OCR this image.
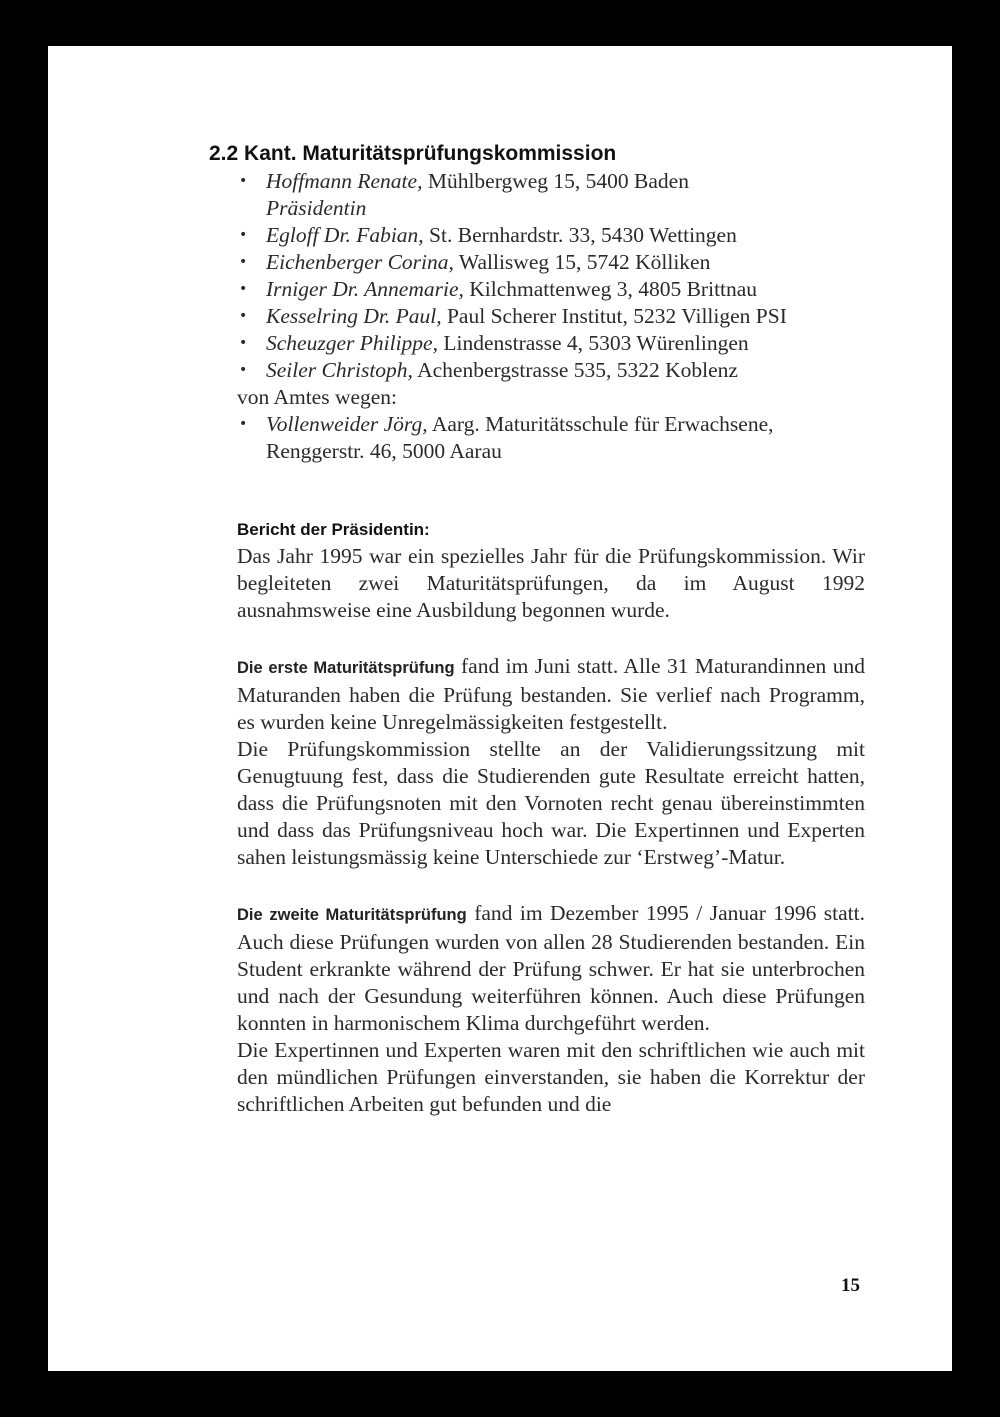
2.2 Kant. Maturitätsprüfungskommission
• Hoffmann Renate, Mühlbergweg 15, 5400 Baden
Präsidentin
• Egloff Dr. Fabian, St. Bernhardstr. 33, 5430 Wettingen
• Eichenberger Corina, Wallisweg 15, 5742 Kölliken
• Irniger Dr. Annemarie, Kilchmattenweg 3, 4805 Brittnau
• Kesselring Dr. Paul, Paul Scherer Institut, 5232 Villigen PSI
• Scheuzger Philippe, Lindenstrasse 4, 5303 Würenlingen
• Seiler Christoph, Achenbergstrasse 535, 5322 Koblenz
von Amtes wegen:
• Vollenweider Jörg, Aarg. Maturitätsschule für Erwachsene, Renggerstr. 46, 5000 Aarau
Bericht der Präsidentin:

Das Jahr 1995 war ein spezielles Jahr für die Prüfungskommission. Wir begleiteten zwei Maturitätsprüfungen, da im August 1992 ausnahmsweise eine Ausbildung begonnen wurde.

Die erste Maturitätsprüfung fand im Juni statt. Alle 31 Maturandinnen und Maturanden haben die Prüfung bestanden. Sie verlief nach Programm, es wurden keine Unregelmässigkeiten festgestellt.

Die Prüfungskommission stellte an der Validierungssitzung mit Genugtuung fest, dass die Studierenden gute Resultate erreicht hatten, dass die Prüfungsnoten mit den Vornoten recht genau übereinstimmten und dass das Prüfungsniveau hoch war. Die Expertinnen und Experten sahen leistungsmässig keine Unterschiede zur ‘Erstweg’-Matur.

Die zweite Maturitätsprüfung fand im Dezember 1995 / Januar 1996 statt. Auch diese Prüfungen wurden von allen 28 Studierenden bestanden. Ein Student erkrankte während der Prüfung schwer. Er hat sie unterbrochen und nach der Gesundung weiterführen können. Auch diese Prüfungen konnten in harmonischem Klima durchgeführt werden.

Die Expertinnen und Experten waren mit den schriftlichen wie auch mit den mündlichen Prüfungen einverstanden, sie haben die Korrektur der schriftlichen Arbeiten gut befunden und die

15
